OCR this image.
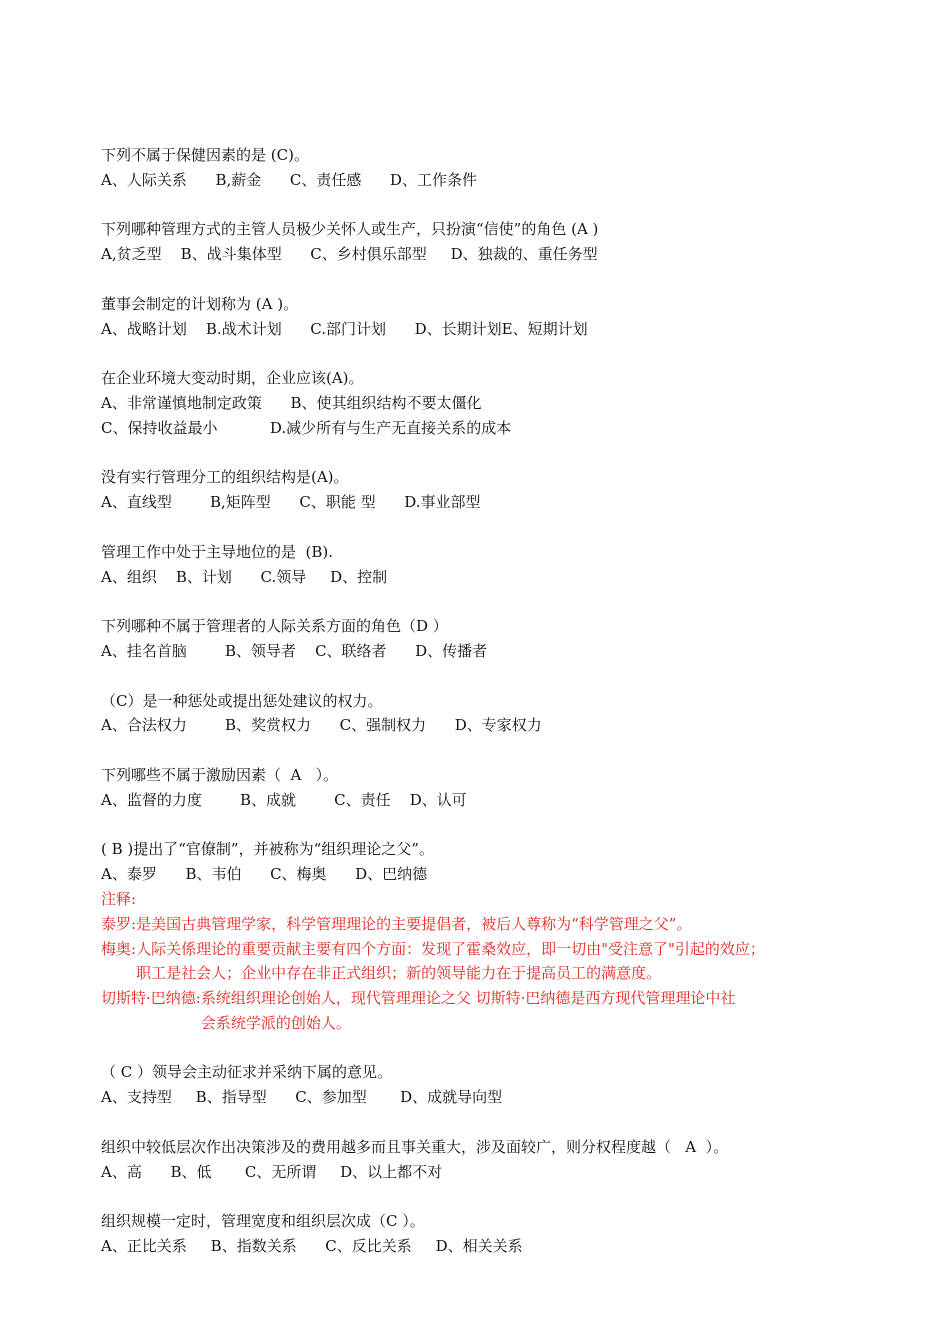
下列不属于保健因素的是 (C)。
A、人际关系      B,薪金      C、责任感      D、工作条件
下列哪种管理方式的主管人员极少关怀人或生产，只扮演“信使”的角色 (A )
A,贫乏型    B、战斗集体型      C、乡村俱乐部型     D、独裁的、重任务型
董事会制定的计划称为 (A )。
A、战略计划    B.战术计划      C.部门计划      D、长期计划E、短期计划
在企业环境大变动时期，企业应该(A)。
A、非常谨慎地制定政策      B、使其组织结构不要太僵化
C、保持收益最小           D.减少所有与生产无直接关系的成本
没有实行管理分工的组织结构是(A)。
A、直线型        B,矩阵型      C、职能 型      D.事业部型
管理工作中处于主导地位的是  (B).
A、组织    B、计划      C.领导     D、控制
下列哪种不属于管理者的人际关系方面的角色（D ）
A、挂名首脑        B、领导者    C、联络者      D、传播者
（C）是一种惩处或提出惩处建议的权力。
A、合法权力        B、奖赏权力      C、强制权力      D、专家权力
下列哪些不属于激励因素（  A   ）。
A、监督的力度        B、成就        C、责任    D、认可
( B )提出了“官僚制”，并被称为“组织理论之父”。
A、泰罗      B、韦伯      C、梅奥      D、巴纳德
注释:
泰罗: 是美国古典管理学家，科学管理理论的主要提倡者，被后人尊称为“科学管理之父”。
梅奥: 人际关係理论的重要贡献主要有四个方面：发现了霍桑效应，即一切由"受注意了"引起的效应；
职工是社会人；企业中存在非正式组织；新的领导能力在于提高员工的满意度。
切斯特·巴纳德: 系统组织理论创始人，现代管理理论之父 切斯特·巴纳德是西方现代管理理论中社
会系统学派的创始人。
（ C ）领导会主动征求并采纳下属的意见。
A、支持型     B、指导型      C、参加型       D、成就导向型
组织中较低层次作出决策涉及的费用越多而且事关重大，涉及面较广，则分权程度越（   A  ）。
A、高      B、低       C、无所谓     D、以上都不对
组织规模一定时，管理宽度和组织层次成（C ）。
A、正比关系     B、指数关系      C、反比关系     D、相关关系
